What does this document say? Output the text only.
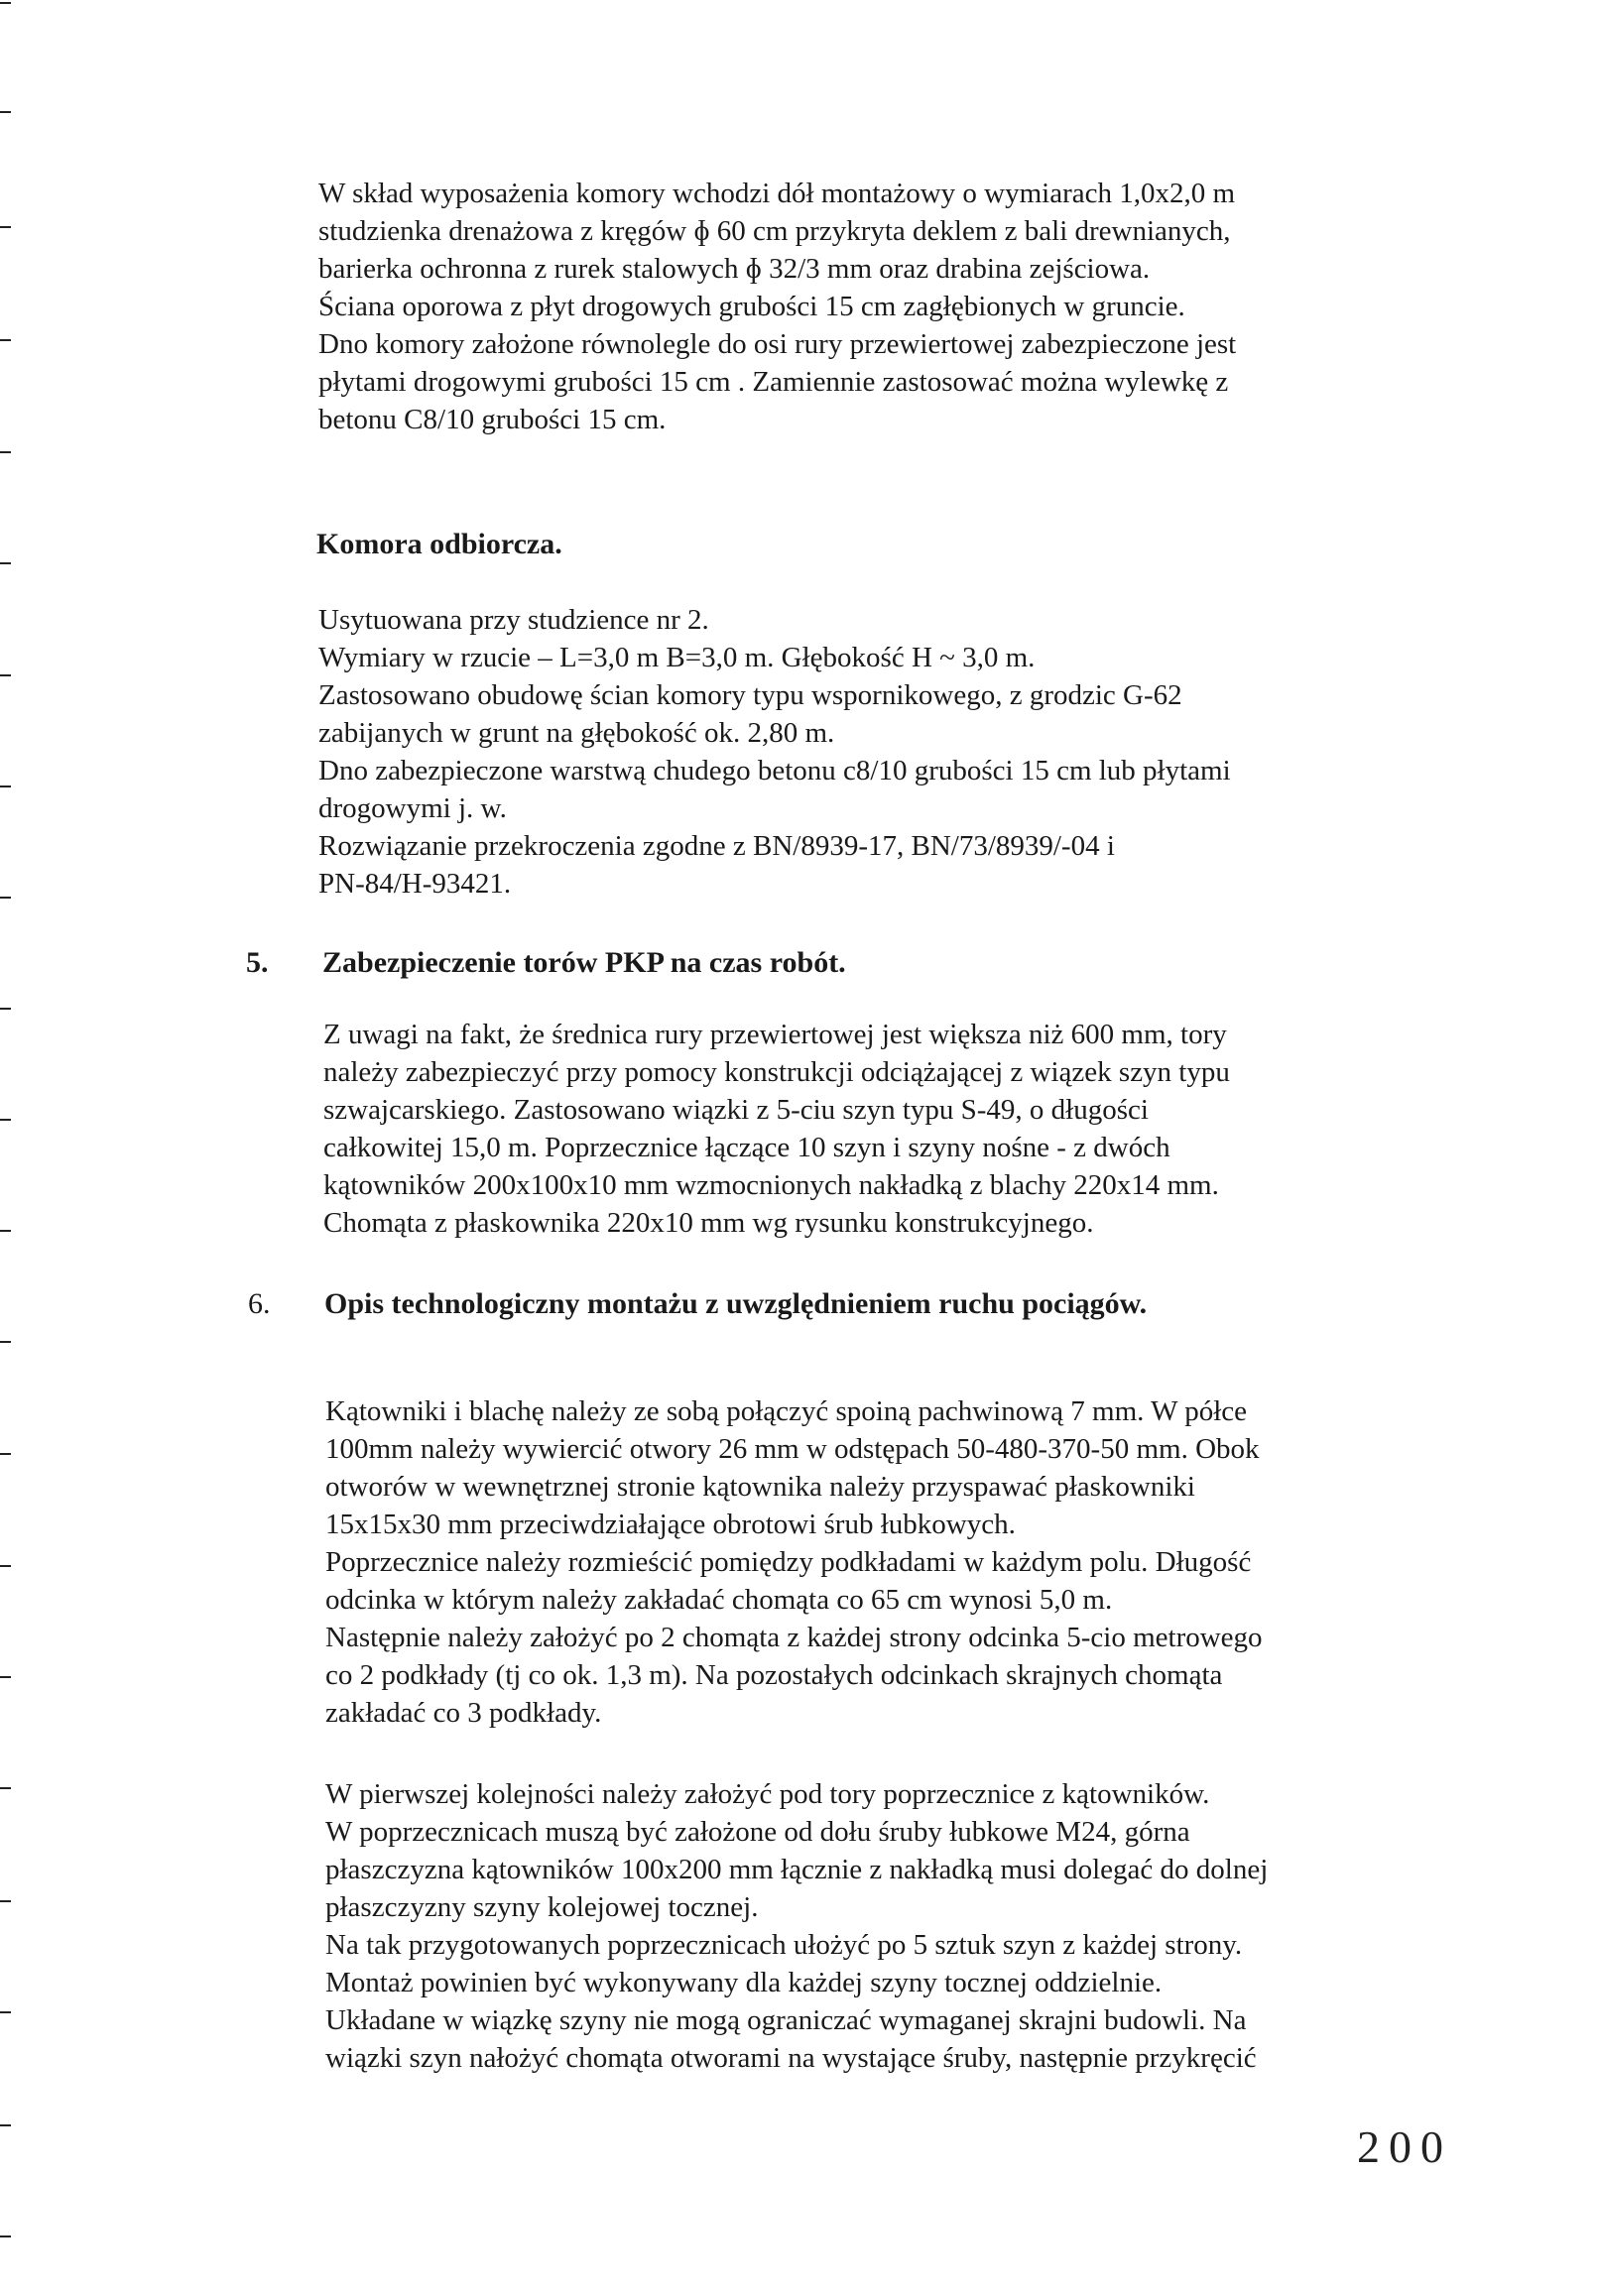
W skład wyposażenia komory wchodzi dół montażowy o wymiarach 1,0x2,0 m
studzienka drenażowa z kręgów ɸ 60 cm przykryta deklem z bali drewnianych,
barierka ochronna z rurek stalowych ɸ 32/3 mm oraz drabina zejściowa.
Ściana oporowa z płyt drogowych grubości 15 cm zagłębionych w gruncie.
Dno komory założone równolegle do osi rury przewiertowej zabezpieczone jest
płytami drogowymi grubości 15 cm . Zamiennie zastosować można wylewkę z
betonu C8/10 grubości 15 cm.
Komora odbiorcza.
Usytuowana przy studzience nr 2.
Wymiary w rzucie – L=3,0 m B=3,0 m. Głębokość H ~ 3,0 m.
Zastosowano obudowę ścian komory typu wspornikowego, z grodzic G-62
zabijanych w grunt na głębokość ok. 2,80 m.
Dno zabezpieczone warstwą chudego betonu c8/10 grubości 15 cm lub płytami
drogowymi j. w.
Rozwiązanie przekroczenia zgodne z BN/8939-17, BN/73/8939/-04 i
PN-84/H-93421.
5. Zabezpieczenie torów PKP na czas robót.
Z uwagi na fakt, że średnica rury przewiertowej jest większa niż 600 mm, tory
należy zabezpieczyć przy pomocy konstrukcji odciążającej z wiązek szyn typu
szwajcarskiego. Zastosowano wiązki z 5-ciu szyn typu S-49, o długości
całkowitej 15,0 m. Poprzecznice łączące 10 szyn i szyny nośne - z dwóch
kątowników 200x100x10 mm wzmocnionych nakładką z blachy 220x14 mm.
Chomąta z płaskownika 220x10 mm wg rysunku konstrukcyjnego.
6. Opis technologiczny montażu z uwzględnieniem ruchu pociągów.
Kątowniki i blachę należy ze sobą połączyć spoiną pachwinową 7 mm. W półce
100mm należy wywiercić otwory 26 mm w odstępach 50-480-370-50 mm. Obok
otworów w wewnętrznej stronie kątownika należy przyspawać płaskowniki
15x15x30 mm przeciwdziałające obrotowi śrub łubkowych.
Poprzecznice należy rozmieścić pomiędzy podkładami w każdym polu. Długość
odcinka w którym należy zakładać chomąta co 65 cm wynosi 5,0 m.
Następnie należy założyć po 2 chomąta z każdej strony odcinka 5-cio metrowego
co 2 podkłady (tj co ok. 1,3 m). Na pozostałych odcinkach skrajnych chomąta
zakładać co 3 podkłady.
W pierwszej kolejności należy założyć pod tory poprzecznice z kątowników.
W poprzecznicach muszą być założone od dołu śruby łubkowe M24, górna
płaszczyzna kątowników 100x200 mm łącznie z nakładką musi dolegać do dolnej
płaszczyzny szyny kolejowej tocznej.
Na tak przygotowanych poprzecznicach ułożyć po 5 sztuk szyn z każdej strony.
Montaż powinien być wykonywany dla każdej szyny tocznej oddzielnie.
Układane w wiązkę szyny nie mogą ograniczać wymaganej skrajni budowli. Na
wiązki szyn nałożyć chomąta otworami na wystające śruby, następnie przykręcić
200
